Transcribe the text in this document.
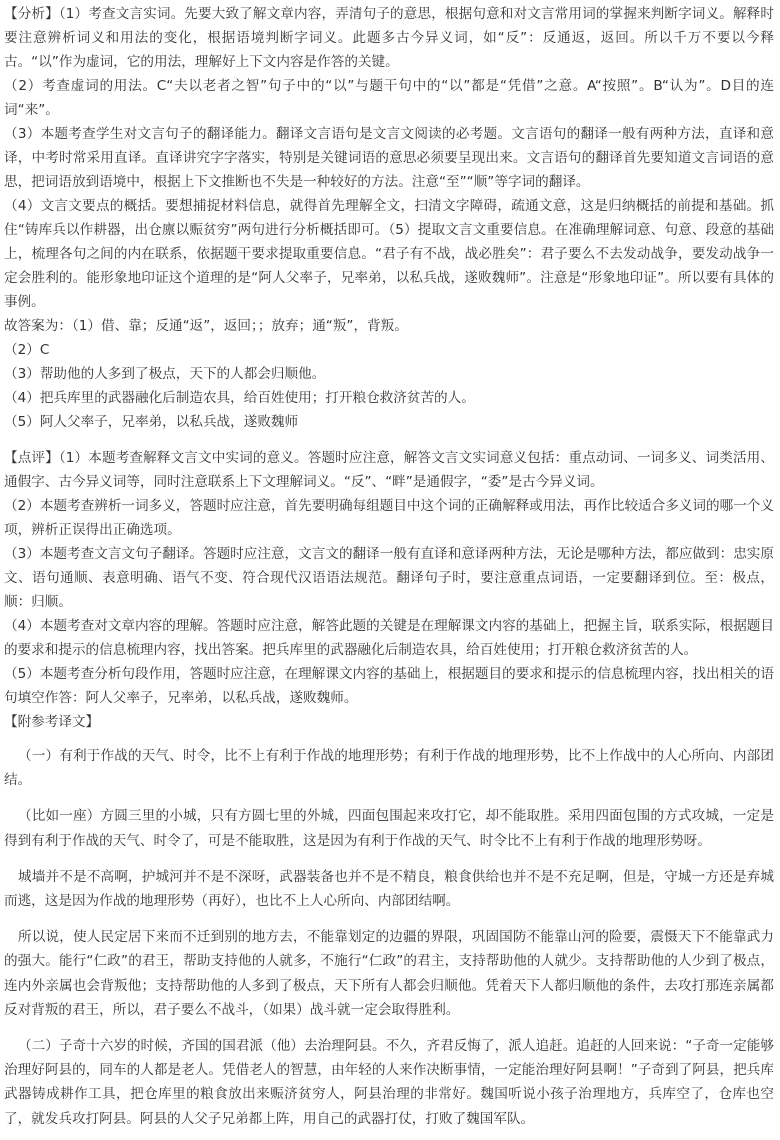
【分析】（1）考查文言实词。先要大致了解文章内容，弄清句子的意思，根据句意和对文言常用词的掌握来判断字词义。解释时要注意辨析词义和用法的变化，根据语境判断字词义。此题多古今异义词，如“反”：反通返，返回。所以千万不要以今释古。“以”作为虚词，它的用法，理解好上下文内容是作答的关键。

（2）考查虚词的用法。C“夫以老者之智”句子中的“以”与题干句中的“以”都是“凭借”之意。A“按照”。B“认为”。D目的连词“来”。

（3）本题考查学生对文言句子的翻译能力。翻译文言语句是文言文阅读的必考题。文言语句的翻译一般有两种方法，直译和意译，中考时常采用直译。直译讲究字字落实，特别是关键词语的意思必须要呈现出来。文言语句的翻译首先要知道文言词语的意思，把词语放到语境中，根据上下文推断也不失是一种较好的方法。注意“至”“顺”等字词的翻译。

（4）文言文要点的概括。要想捕捉材料信息，就得首先理解全文，扫清文字障碍，疏通文意，这是归纳概括的前提和基础。抓住“铸库兵以作耕器，出仓廪以赈贫穷”两句进行分析概括即可。（5）提取文言文重要信息。在准确理解词意、句意、段意的基础上，梳理各句之间的内在联系，依据题干要求提取重要信息。“君子有不战，战必胜矣”：君子要么不去发动战争，要发动战争一定会胜利的。能形象地印证这个道理的是“阿人父率子，兄率弟，以私兵战，遂败魏师”。注意是“形象地印证”。所以要有具体的事例。

故答案为：（1）借、靠；反通“返”，返回；；放弃；通“叛”，背叛。

（2）C

（3）帮助他的人多到了极点，天下的人都会归顺他。

（4）把兵库里的武器融化后制造农具，给百姓使用；打开粮仓救济贫苦的人。

（5）阿人父率子，兄率弟，以私兵战，遂败魏师

【点评】（1）本题考查解释文言文中实词的意义。答题时应注意，解答文言文实词意义包括：重点动词、一词多义、词类活用、通假字、古今异义词等，同时注意联系上下文理解词义。“反”、“畔”是通假字，“委”是古今异义词。

（2）本题考查辨析一词多义，答题时应注意，首先要明确每组题目中这个词的正确解释或用法，再作比较适合多义词的哪一个义项，辨析正误得出正确选项。

（3）本题考查文言文句子翻译。答题时应注意，文言文的翻译一般有直译和意译两种方法，无论是哪种方法，都应做到：忠实原文、语句通顺、表意明确、语气不变、符合现代汉语语法规范。翻译句子时，要注意重点词语，一定要翻译到位。至：极点，顺：归顺。

（4）本题考查对文章内容的理解。答题时应注意，解答此题的关键是在理解课文内容的基础上，把握主旨，联系实际，根据题目的要求和提示的信息梳理内容，找出答案。把兵库里的武器融化后制造农具，给百姓使用；打开粮仓救济贫苦的人。

（5）本题考查分析句段作用，答题时应注意，在理解课文内容的基础上，根据题目的要求和提示的信息梳理内容，找出相关的语句填空作答：阿人父率子，兄率弟，以私兵战，遂败魏师。

【附参考译文】

（一）有利于作战的天气、时令，比不上有利于作战的地理形势；有利于作战的地理形势，比不上作战中的人心所向、内部团结。

（比如一座）方圆三里的小城，只有方圆七里的外城，四面包围起来攻打它，却不能取胜。采用四面包围的方式攻城，一定是得到有利于作战的天气、时令了，可是不能取胜，这是因为有利于作战的天气、时令比不上有利于作战的地理形势呀。

城墙并不是不高啊，护城河并不是不深呀，武器装备也并不是不精良，粮食供给也并不是不充足啊，但是，守城一方还是弃城而逃，这是因为作战的地理形势（再好），也比不上人心所向、内部团结啊。

所以说，使人民定居下来而不迁到别的地方去，不能靠划定的边疆的界限，巩固国防不能靠山河的险要，震慑天下不能靠武力的强大。能行“仁政”的君王，帮助支持他的人就多，不施行“仁政”的君主，支持帮助他的人就少。支持帮助他的人少到了极点，连内外亲属也会背叛他；支持帮助他的人多到了极点，天下所有人都会归顺他。凭着天下人都归顺他的条件，去攻打那连亲属都反对背叛的君王，所以，君子要么不战斗，（如果）战斗就一定会取得胜利。

（二）子奇十六岁的时候，齐国的国君派（他）去治理阿县。不久，齐君反悔了，派人追赶。追赶的人回来说：“子奇一定能够治理好阿县的，同车的人都是老人。凭借老人的智慧，由年轻的人来作决断事情，一定能治理好阿县啊！”子奇到了阿县，把兵库武器铸成耕作工具，把仓库里的粮食放出来赈济贫穷人，阿县治理的非常好。魏国听说小孩子治理地方，兵库空了，仓库也空了，就发兵攻打阿县。阿县的人父子兄弟都上阵，用自己的武器打仗，打败了魏国军队。
